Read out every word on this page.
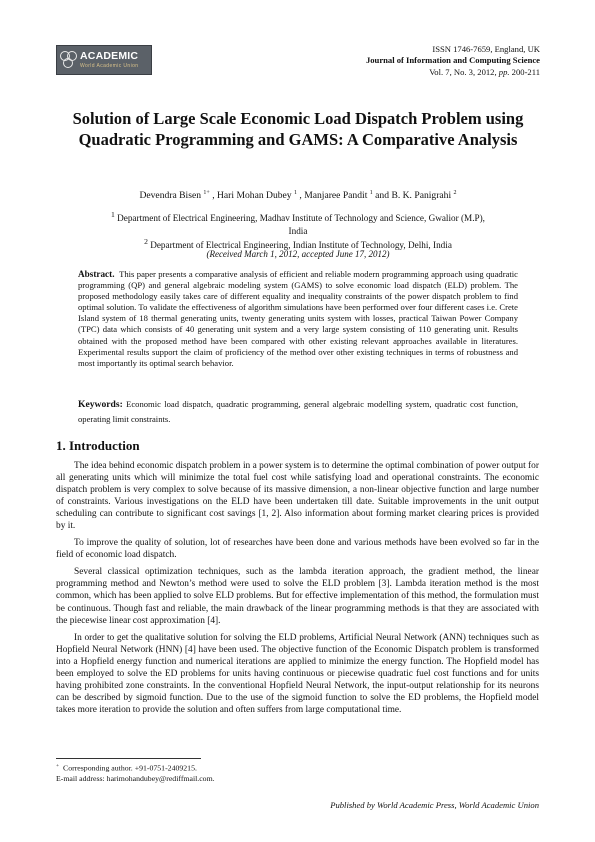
ACADEMIC
World Academic Union
ISSN 1746-7659, England, UK
Journal of Information and Computing Science
Vol. 7, No. 3, 2012, pp. 200-211
Solution of Large Scale Economic Load Dispatch Problem using Quadratic Programming and GAMS: A Comparative Analysis
Devendra Bisen $^{1+}$ , Hari Mohan Dubey $^1$ , Manjaree Pandit $^1$ and B. K. Panigrahi $^2$
$^1$ Department of Electrical Engineering, Madhav Institute of Technology and Science, Gwalior (M.P), India
$^2$ Department of Electrical Engineering, Indian Institute of Technology, Delhi, India
(Received March 1, 2012, accepted June 17, 2012)

Abstract. This paper presents a comparative analysis of efficient and reliable modern programming approach using quadratic programming (QP) and general algebraic modeling system (GAMS) to solve economic load dispatch (ELD) problem. The proposed methodology easily takes care of different equality and inequality constraints of the power dispatch problem to find optimal solution. To validate the effectiveness of algorithm simulations have been performed over four different cases i.e. Crete Island system of 18 thermal generating units, twenty generating units system with losses, practical Taiwan Power Company (TPC) data which consists of 40 generating unit system and a very large system consisting of 110 generating unit. Results obtained with the proposed method have been compared with other existing relevant approaches available in literatures. Experimental results support the claim of proficiency of the method over other existing techniques in terms of robustness and most importantly its optimal search behavior.

Keywords: Economic load dispatch, quadratic programming, general algebraic modelling system, quadratic cost function, operating limit constraints.

1. Introduction

The idea behind economic dispatch problem in a power system is to determine the optimal combination of power output for all generating units which will minimize the total fuel cost while satisfying load and operational constraints. The economic dispatch problem is very complex to solve because of its massive dimension, a non-linear objective function and large number of constraints. Various investigations on the ELD have been undertaken till date. Suitable improvements in the unit output scheduling can contribute to significant cost savings [1, 2]. Also information about forming market clearing prices is provided by it.

To improve the quality of solution, lot of researches have been done and various methods have been evolved so far in the field of economic load dispatch.

Several classical optimization techniques, such as the lambda iteration approach, the gradient method, the linear programming method and Newton’s method were used to solve the ELD problem [3]. Lambda iteration method is the most common, which has been applied to solve ELD problems. But for effective implementation of this method, the formulation must be continuous. Though fast and reliable, the main drawback of the linear programming methods is that they are associated with the piecewise linear cost approximation [4].

In order to get the qualitative solution for solving the ELD problems, Artificial Neural Network (ANN) techniques such as Hopfield Neural Network (HNN) [4] have been used. The objective function of the Economic Dispatch problem is transformed into a Hopfield energy function and numerical iterations are applied to minimize the energy function. The Hopfield model has been employed to solve the ED problems for units having continuous or piecewise quadratic fuel cost functions and for units having prohibited zone constraints. In the conventional Hopfield Neural Network, the input-output relationship for its neurons can be described by sigmoid function. Due to the use of the sigmoid function to solve the ED problems, the Hopfield model takes more iteration to provide the solution and often suffers from large computational time.

+ Corresponding author. +91-0751-2409215.
E-mail address: harimohandubey@rediffmail.com.
Published by World Academic Press, World Academic Union
